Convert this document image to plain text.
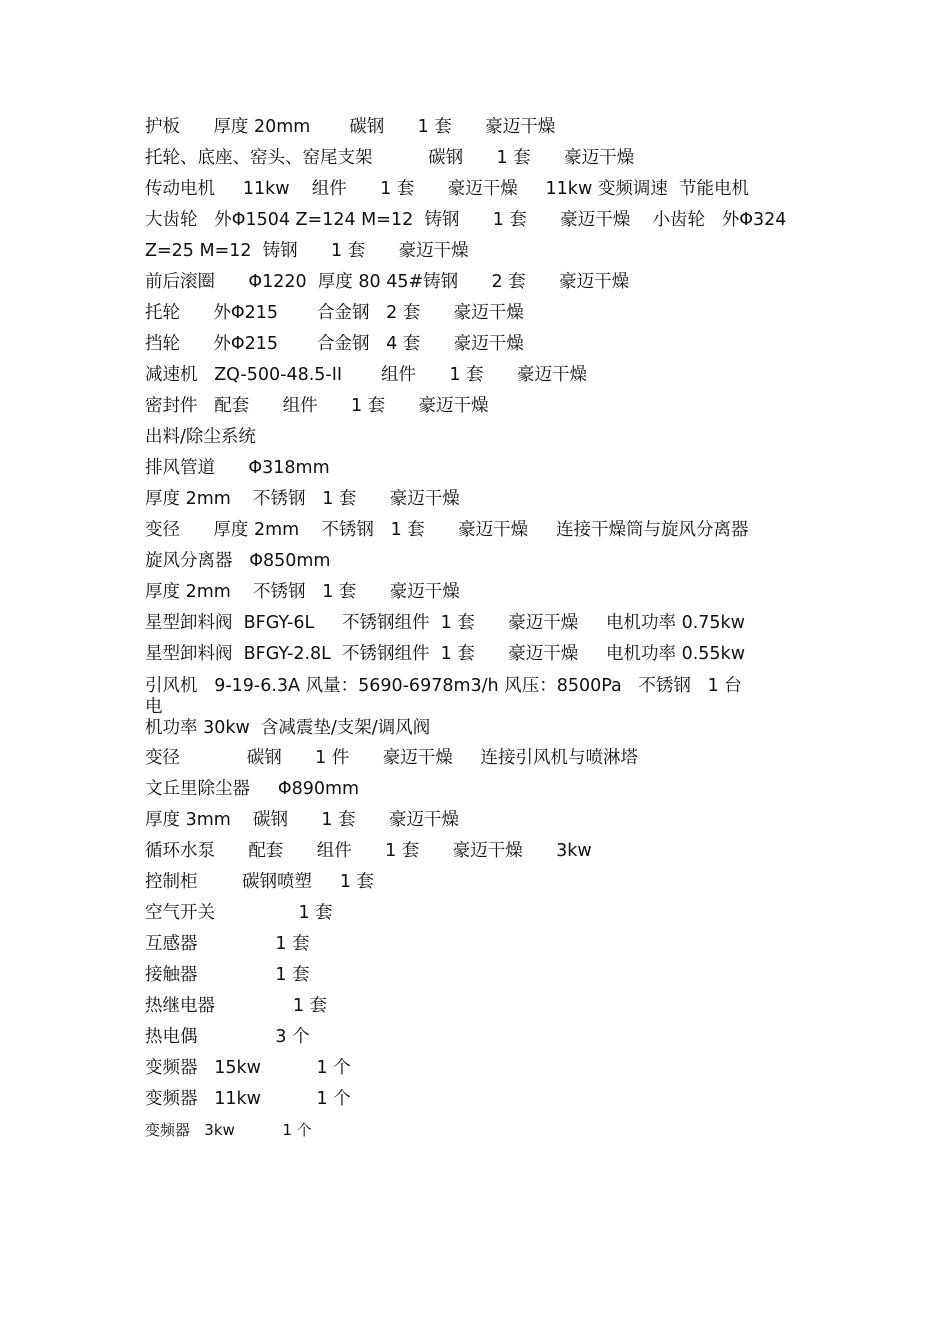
护板      厚度 20mm       碳钢      1 套      豪迈干燥
托轮、底座、窑头、窑尾支架          碳钢      1 套      豪迈干燥
传动电机     11kw    组件      1 套      豪迈干燥     11kw 变频调速  节能电机
大齿轮   外Φ1504 Z=124 M=12  铸钢      1 套      豪迈干燥    小齿轮   外Φ324
Z=25 M=12  铸钢      1 套      豪迈干燥
前后滚圈      Φ1220  厚度 80 45#铸钢      2 套      豪迈干燥
托轮      外Φ215       合金钢   2 套      豪迈干燥
挡轮      外Φ215       合金钢   4 套      豪迈干燥
减速机   ZQ-500-48.5-II       组件      1 套      豪迈干燥
密封件   配套      组件      1 套      豪迈干燥
出料/除尘系统
排风管道      Φ318mm
厚度 2mm    不锈钢   1 套      豪迈干燥
变径      厚度 2mm    不锈钢   1 套      豪迈干燥     连接干燥筒与旋风分离器
旋风分离器   Φ850mm
厚度 2mm    不锈钢   1 套      豪迈干燥
星型卸料阀  BFGY-6L     不锈钢组件  1 套      豪迈干燥     电机功率 0.75kw
星型卸料阀  BFGY-2.8L  不锈钢组件  1 套      豪迈干燥     电机功率 0.55kw
引风机   9-19-6.3A 风量：5690-6978m3/h 风压：8500Pa   不锈钢   1 台             电
机功率 30kw  含减震垫/支架/调风阀
变径            碳钢      1 件      豪迈干燥     连接引风机与喷淋塔
文丘里除尘器     Φ890mm
厚度 3mm    碳钢      1 套      豪迈干燥
循环水泵      配套      组件      1 套      豪迈干燥      3kw
控制柜        碳钢喷塑     1 套
空气开关               1 套
互感器              1 套
接触器              1 套
热继电器              1 套
热电偶              3 个
变频器   15kw          1 个
变频器   11kw          1 个
变频器   3kw          1 个
